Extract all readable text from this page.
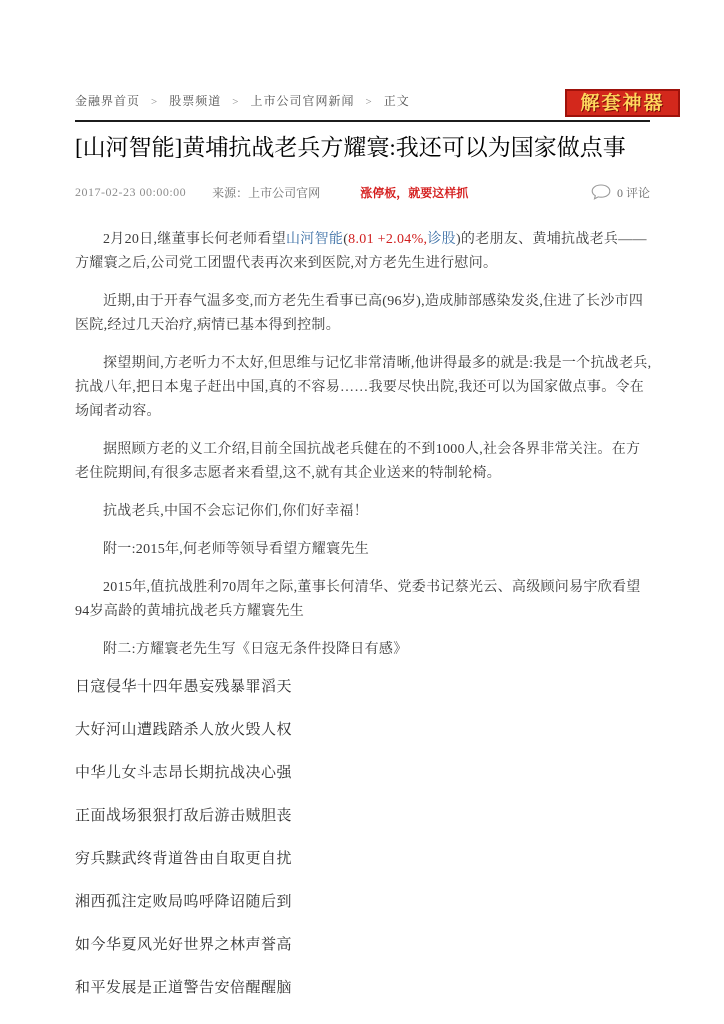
金融界首页 > 股票频道 > 上市公司官网新闻 > 正文	解套神器
[山河智能]黄埔抗战老兵方耀寰:我还可以为国家做点事
2017-02-23 00:00:00 来源：上市公司官网	涨停板，就要这样抓	0 评论

2月20日,继董事长何老师看望山河智能(8.01 +2.04%,诊股)的老朋友、黄埔抗战老兵——方耀寰之后,公司党工团盟代表再次来到医院,对方老先生进行慰问。

近期,由于开春气温多变,而方老先生看事已高(96岁),造成肺部感染发炎,住进了长沙市四医院,经过几天治疗,病情已基本得到控制。

探望期间,方老听力不太好,但思维与记忆非常清晰,他讲得最多的就是:我是一个抗战老兵,抗战八年,把日本鬼子赶出中国,真的不容易……我要尽快出院,我还可以为国家做点事。令在场闻者动容。

据照顾方老的义工介绍,目前全国抗战老兵健在的不到1000人,社会各界非常关注。在方老住院期间,有很多志愿者来看望,这不,就有其企业送来的特制轮椅。

抗战老兵,中国不会忘记你们,你们好幸福！

附一:2015年,何老师等领导看望方耀寰先生

2015年,值抗战胜利70周年之际,董事长何清华、党委书记蔡光云、高级顾问易宇欣看望94岁高龄的黄埔抗战老兵方耀寰先生

附二:方耀寰老先生写《日寇无条件投降日有感》

日寇侵华十四年愚妄残暴罪滔天

大好河山遭践踏杀人放火毁人权

中华儿女斗志昂长期抗战决心强

正面战场狠狠打敌后游击贼胆丧

穷兵黩武终背道咎由自取更自扰

湘西孤注定败局呜呼降诏随后到

如今华夏风光好世界之林声誉高

和平发展是正道警告安倍醒醒脑
